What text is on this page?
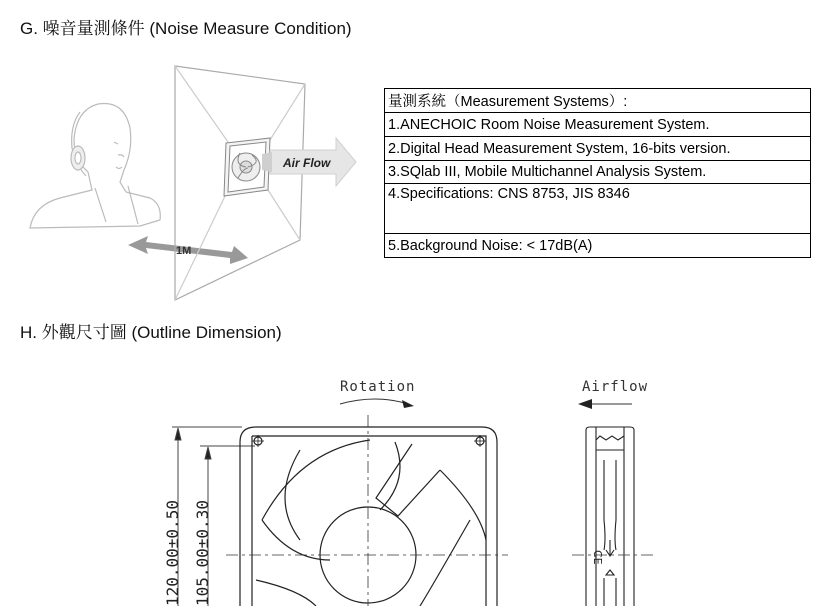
G. 噪音量測條件 (Noise Measure Condition)
1M
Air Flow
量測系統（Measurement Systems）:
1.ANECHOIC Room Noise Measurement System.
2.Digital Head Measurement System, 16-bits version.
3.SQlab III, Mobile Multichannel Analysis System.
4.Specifications: CNS 8753, JIS 8346
5.Background Noise: < 17dB(A)
H. 外觀尺寸圖 (Outline Dimension)
Rotation	Airflow
120.00±0.50 105.00±0.30	CE
